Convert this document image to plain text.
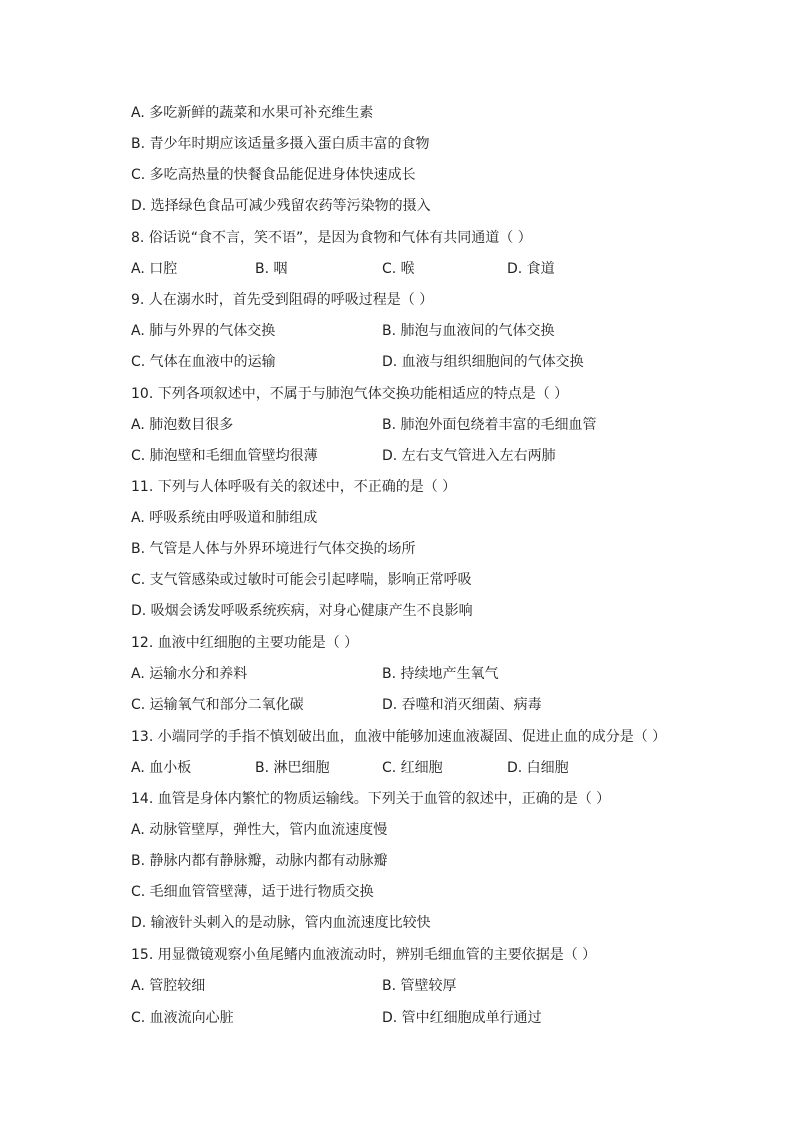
A. 多吃新鲜的蔬菜和水果可补充维生素
B. 青少年时期应该适量多摄入蛋白质丰富的食物
C. 多吃高热量的快餐食品能促进身体快速成长
D. 选择绿色食品可减少残留农药等污染物的摄入
8. 俗话说“食不言，笑不语”，是因为食物和气体有共同通道（ ）
A. 口腔	B. 咽	C. 喉	D. 食道
9. 人在溺水时，首先受到阻碍的呼吸过程是（ ）
A. 肺与外界的气体交换	B. 肺泡与血液间的气体交换
C. 气体在血液中的运输	D. 血液与组织细胞间的气体交换
10. 下列各项叙述中，不属于与肺泡气体交换功能相适应的特点是（ ）
A. 肺泡数目很多	B. 肺泡外面包绕着丰富的毛细血管
C. 肺泡壁和毛细血管壁均很薄	D. 左右支气管进入左右两肺
11. 下列与人体呼吸有关的叙述中，不正确的是（ ）
A. 呼吸系统由呼吸道和肺组成
B. 气管是人体与外界环境进行气体交换的场所
C. 支气管感染或过敏时可能会引起哮喘，影响正常呼吸
D. 吸烟会诱发呼吸系统疾病，对身心健康产生不良影响
12. 血液中红细胞的主要功能是（ ）
A. 运输水分和养料	B. 持续地产生氧气
C. 运输氧气和部分二氧化碳	D. 吞噬和消灭细菌、病毒
13. 小端同学的手指不慎划破出血，血液中能够加速血液凝固、促进止血的成分是（ ）
A. 血小板	B. 淋巴细胞	C. 红细胞	D. 白细胞
14. 血管是身体内繁忙的物质运输线。下列关于血管的叙述中，正确的是（ ）
A. 动脉管壁厚，弹性大，管内血流速度慢
B. 静脉内都有静脉瓣，动脉内都有动脉瓣
C. 毛细血管管壁薄，适于进行物质交换
D. 输液针头刺入的是动脉，管内血流速度比较快
15. 用显微镜观察小鱼尾鳍内血液流动时，辨别毛细血管的主要依据是（ ）
A. 管腔较细	B. 管壁较厚
C. 血液流向心脏	D. 管中红细胞成单行通过
